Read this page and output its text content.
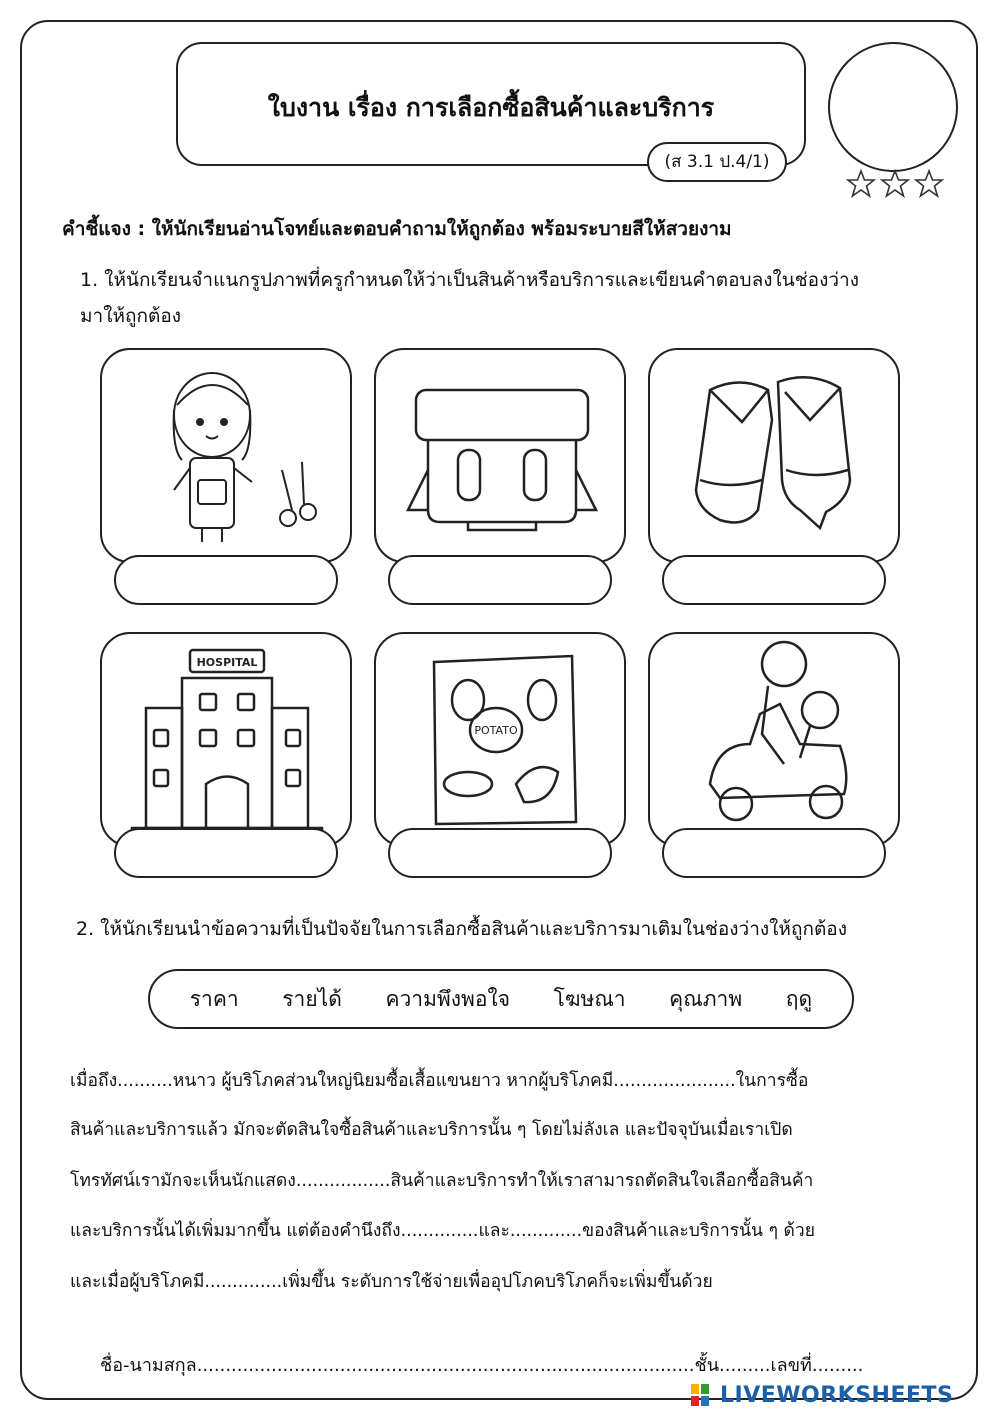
ใบงาน เรื่อง การเลือกซื้อสินค้าและบริการ
(ส 3.1 ป.4/1)
คำชี้แจง : ให้นักเรียนอ่านโจทย์และตอบคำถามให้ถูกต้อง พร้อมระบายสีให้สวยงาม
1. ให้นักเรียนจำแนกรูปภาพที่ครูกำหนดให้ว่าเป็นสินค้าหรือบริการและเขียนคำตอบลงในช่องว่าง
มาให้ถูกต้อง
HOSPITAL
POTATO
2. ให้นักเรียนนำข้อความที่เป็นปัจจัยในการเลือกซื้อสินค้าและบริการมาเติมในช่องว่างให้ถูกต้อง
ราคา รายได้ ความพึงพอใจ โฆษณา คุณภาพ ฤดู
เมื่อถึง..........หนาว ผู้บริโภคส่วนใหญ่นิยมซื้อเสื้อแขนยาว หากผู้บริโภคมี......................ในการซื้อ
สินค้าและบริการแล้ว มักจะตัดสินใจซื้อสินค้าและบริการนั้น ๆ โดยไม่ลังเล และปัจจุบันเมื่อเราเปิด
โทรทัศน์เรามักจะเห็นนักแสดง.................สินค้าและบริการทำให้เราสามารถตัดสินใจเลือกซื้อสินค้า
และบริการนั้นได้เพิ่มมากขึ้น แต่ต้องคำนึงถึง..............และ.............ของสินค้าและบริการนั้น ๆ ด้วย
และเมื่อผู้บริโภคมี..............เพิ่มขึ้น ระดับการใช้จ่ายเพื่ออุปโภคบริโภคก็จะเพิ่มขึ้นด้วย
ชื่อ-นามสกุล.......................................................................................ชั้น.........เลขที่.........
LIVEWORKSHEETS
